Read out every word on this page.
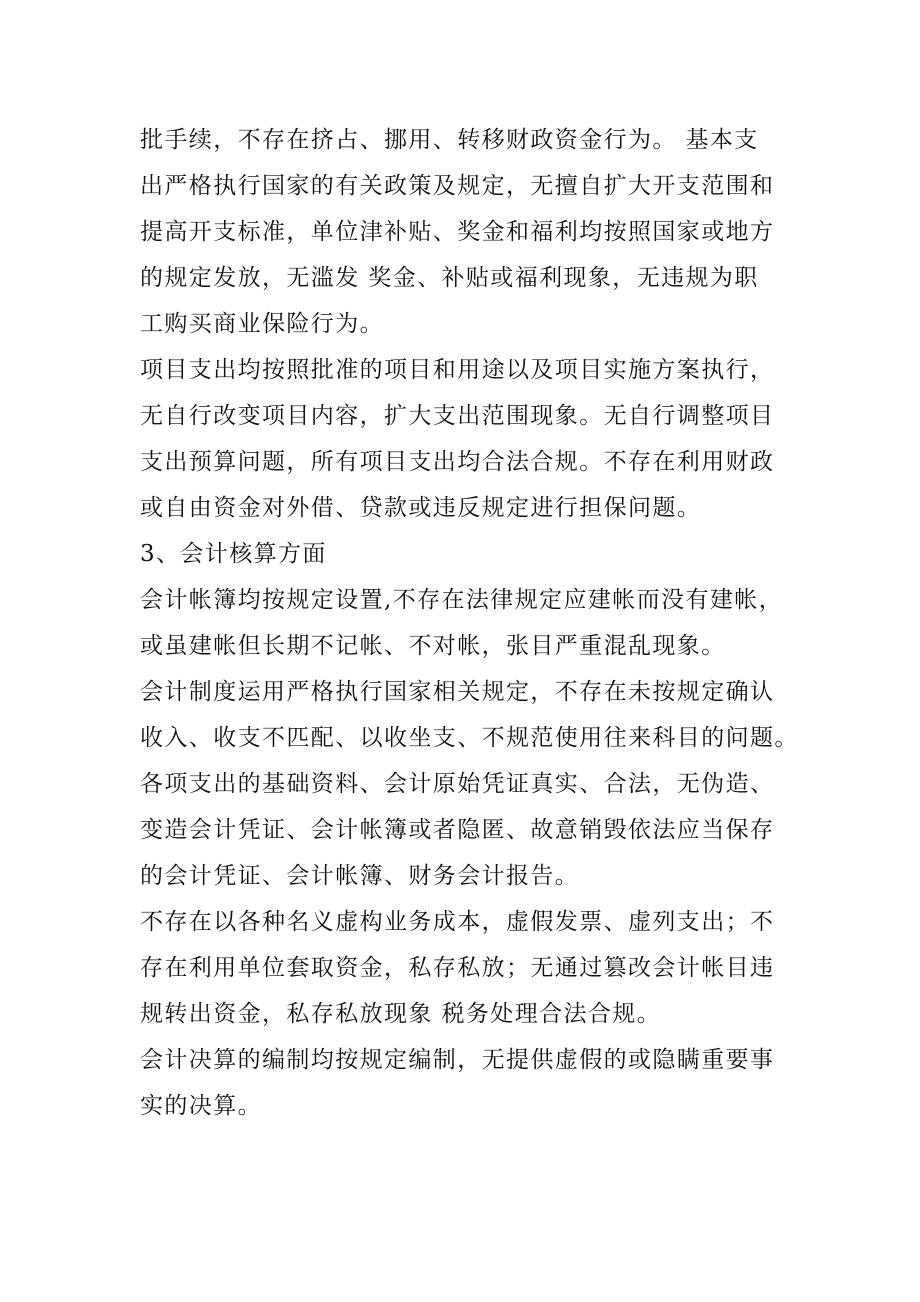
批手续，不存在挤占、挪用、转移财政资金行为。 基本支
出严格执行国家的有关政策及规定，无擅自扩大开支范围和
提高开支标准，单位津补贴、奖金和福利均按照国家或地方
的规定发放，无滥发 奖金、补贴或福利现象，无违规为职
工购买商业保险行为。
项目支出均按照批准的项目和用途以及项目实施方案执行，
无自行改变项目内容，扩大支出范围现象。无自行调整项目
支出预算问题，所有项目支出均合法合规。不存在利用财政
或自由资金对外借、贷款或违反规定进行担保问题。
3、会计核算方面
会计帐簿均按规定设置,不存在法律规定应建帐而没有建帐，
或虽建帐但长期不记帐、不对帐，张目严重混乱现象。
会计制度运用严格执行国家相关规定，不存在未按规定确认
收入、收支不匹配、以收坐支、不规范使用往来科目的问题。
各项支出的基础资料、会计原始凭证真实、合法，无伪造、
变造会计凭证、会计帐簿或者隐匿、故意销毁依法应当保存
的会计凭证、会计帐簿、财务会计报告。
不存在以各种名义虚构业务成本，虚假发票、虚列支出；不
存在利用单位套取资金，私存私放；无通过篡改会计帐目违
规转出资金，私存私放现象 税务处理合法合规。
会计决算的编制均按规定编制，无提供虚假的或隐瞒重要事
实的决算。
